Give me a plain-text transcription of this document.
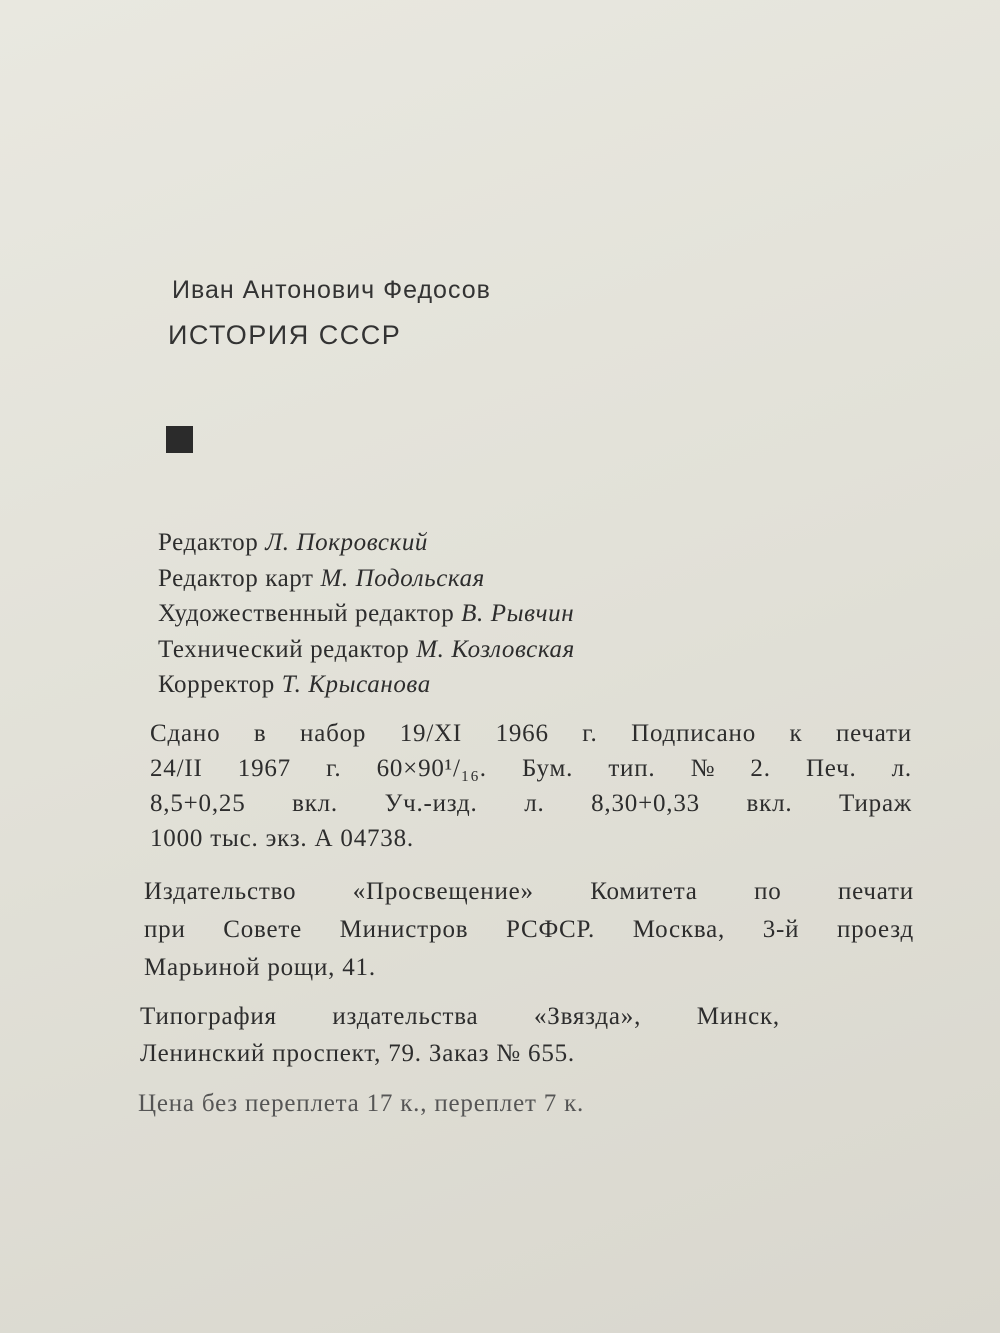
Иван Антонович Федосов
ИСТОРИЯ СССР
Редактор Л. Покровский
Редактор карт М. Подольская
Художественный редактор В. Рывчин
Технический редактор М. Козловская
Корректор Т. Крысанова
Сдано в набор 19/XI 1966 г. Подписано к печати
24/II 1967 г. 60×90¹/₁₆. Бум. тип. № 2. Печ. л.
8,5+0,25 вкл. Уч.-изд. л. 8,30+0,33 вкл. Тираж
1000 тыс. экз. А 04738.
Издательство «Просвещение» Комитета по печати
при Совете Министров РСФСР. Москва, 3-й проезд
Марьиной рощи, 41.
Типография издательства «Звязда», Минск,
Ленинский проспект, 79. Заказ № 655.
Цена без переплета 17 к., переплет 7 к.
